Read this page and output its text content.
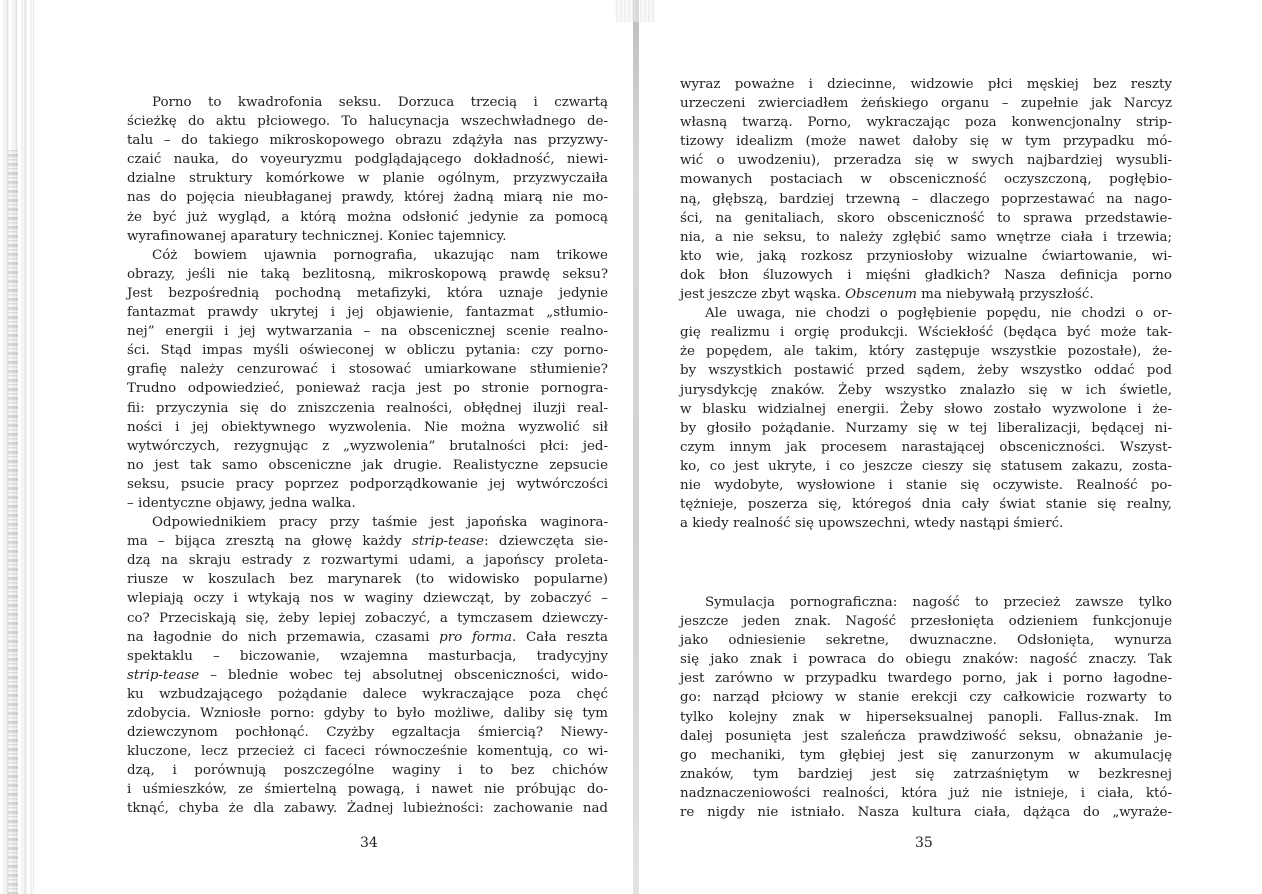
Porno to kwadrofonia seksu. Dorzuca trzecią i czwartą
ścieżkę do aktu płciowego. To halucynacja wszechwładnego de-
talu – do takiego mikroskopowego obrazu zdążyła nas przyzwy-
czaić nauka, do voyeuryzmu podglądającego dokładność, niewi-
dzialne struktury komórkowe w planie ogólnym, przyzwyczaiła
nas do pojęcia nieubłaganej prawdy, której żadną miarą nie mo-
że być już wygląd, a którą można odsłonić jedynie za pomocą
wyrafinowanej aparatury technicznej. Koniec tajemnicy.
Cóż bowiem ujawnia pornografia, ukazując nam trikowe
obrazy, jeśli nie taką bezlitosną, mikroskopową prawdę seksu?
Jest bezpośrednią pochodną metafizyki, która uznaje jedynie
fantazmat prawdy ukrytej i jej objawienie, fantazmat „stłumio-
nej” energii i jej wytwarzania – na obscenicznej scenie realno-
ści. Stąd impas myśli oświeconej w obliczu pytania: czy porno-
grafię należy cenzurować i stosować umiarkowane stłumienie?
Trudno odpowiedzieć, ponieważ racja jest po stronie pornogra-
fii: przyczynia się do zniszczenia realności, obłędnej iluzji real-
ności i jej obiektywnego wyzwolenia. Nie można wyzwolić sił
wytwórczych, rezygnując z „wyzwolenia” brutalności płci: jed-
no jest tak samo obsceniczne jak drugie. Realistyczne zepsucie
seksu, psucie pracy poprzez podporządkowanie jej wytwórczości
– identyczne objawy, jedna walka.
Odpowiednikiem pracy przy taśmie jest japońska waginora-
ma – bijąca zresztą na głowę każdy strip-tease: dziewczęta sie-
dzą na skraju estrady z rozwartymi udami, a japońscy proleta-
riusze w koszulach bez marynarek (to widowisko popularne)
wlepiają oczy i wtykają nos w waginy dziewcząt, by zobaczyć –
co? Przeciskają się, żeby lepiej zobaczyć, a tymczasem dziewczy-
na łagodnie do nich przemawia, czasami pro forma. Cała reszta
spektaklu – biczowanie, wzajemna masturbacja, tradycyjny
strip-tease – blednie wobec tej absolutnej obsceniczności, wido-
ku wzbudzającego pożądanie dalece wykraczające poza chęć
zdobycia. Wzniosłe porno: gdyby to było możliwe, daliby się tym
dziewczynom pochłonąć. Czyżby egzaltacja śmiercią? Niewy-
kluczone, lecz przecież ci faceci równocześnie komentują, co wi-
dzą, i porównują poszczególne waginy i to bez chichów
i uśmieszków, ze śmiertelną powagą, i nawet nie próbując do-
tknąć, chyba że dla zabawy. Żadnej lubieżności: zachowanie nad
34
wyraz poważne i dziecinne, widzowie płci męskiej bez reszty
urzeczeni zwierciadłem żeńskiego organu – zupełnie jak Narcyz
własną twarzą. Porno, wykraczając poza konwencjonalny strip-
tizowy idealizm (może nawet dałoby się w tym przypadku mó-
wić o uwodzeniu), przeradza się w swych najbardziej wysubli-
mowanych postaciach w obsceniczność oczyszczoną, pogłębio-
ną, głębszą, bardziej trzewną – dlaczego poprzestawać na nago-
ści, na genitaliach, skoro obsceniczność to sprawa przedstawie-
nia, a nie seksu, to należy zgłębić samo wnętrze ciała i trzewia;
kto wie, jaką rozkosz przyniosłoby wizualne ćwiartowanie, wi-
dok błon śluzowych i mięśni gładkich? Nasza definicja porno
jest jeszcze zbyt wąska. Obscenum ma niebywałą przyszłość.
Ale uwaga, nie chodzi o pogłębienie popędu, nie chodzi o or-
gię realizmu i orgię produkcji. Wściekłość (będąca być może tak-
że popędem, ale takim, który zastępuje wszystkie pozostałe), że-
by wszystkich postawić przed sądem, żeby wszystko oddać pod
jurysdykcję znaków. Żeby wszystko znalazło się w ich świetle,
w blasku widzialnej energii. Żeby słowo zostało wyzwolone i że-
by głosiło pożądanie. Nurzamy się w tej liberalizacji, będącej ni-
czym innym jak procesem narastającej obsceniczności. Wszyst-
ko, co jest ukryte, i co jeszcze cieszy się statusem zakazu, zosta-
nie wydobyte, wysłowione i stanie się oczywiste. Realność po-
tężnieje, poszerza się, któregoś dnia cały świat stanie się realny,
a kiedy realność się upowszechni, wtedy nastąpi śmierć.
Symulacja pornograficzna: nagość to przecież zawsze tylko
jeszcze jeden znak. Nagość przesłonięta odzieniem funkcjonuje
jako odniesienie sekretne, dwuznaczne. Odsłonięta, wynurza
się jako znak i powraca do obiegu znaków: nagość znaczy. Tak
jest zarówno w przypadku twardego porno, jak i porno łagodne-
go: narząd płciowy w stanie erekcji czy całkowicie rozwarty to
tylko kolejny znak w hiperseksualnej panopli. Fallus-znak. Im
dalej posunięta jest szaleńcza prawdziwość seksu, obnażanie je-
go mechaniki, tym głębiej jest się zanurzonym w akumulację
znaków, tym bardziej jest się zatrzaśniętym w bezkresnej
nadznaczeniowości realności, która już nie istnieje, i ciała, któ-
re nigdy nie istniało. Nasza kultura ciała, dążąca do „wyraże-
35
